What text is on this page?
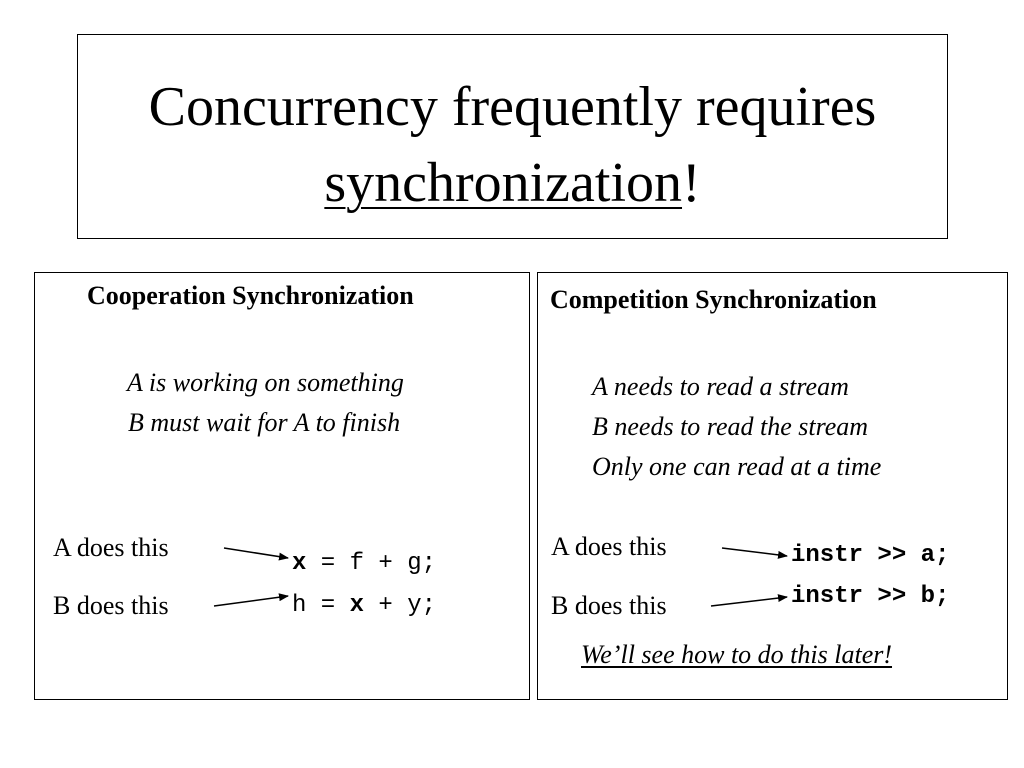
Concurrency frequently requires
synchronization!
Cooperation Synchronization
A is working on something
B must wait for A to finish
A does this
B does this
x = f + g;
h = x + y;
Competition Synchronization
A needs to read a stream
B needs to read the stream
Only one can read at a time
A does this
B does this
instr >> a;
instr >> b;
We’ll see how to do this later!
